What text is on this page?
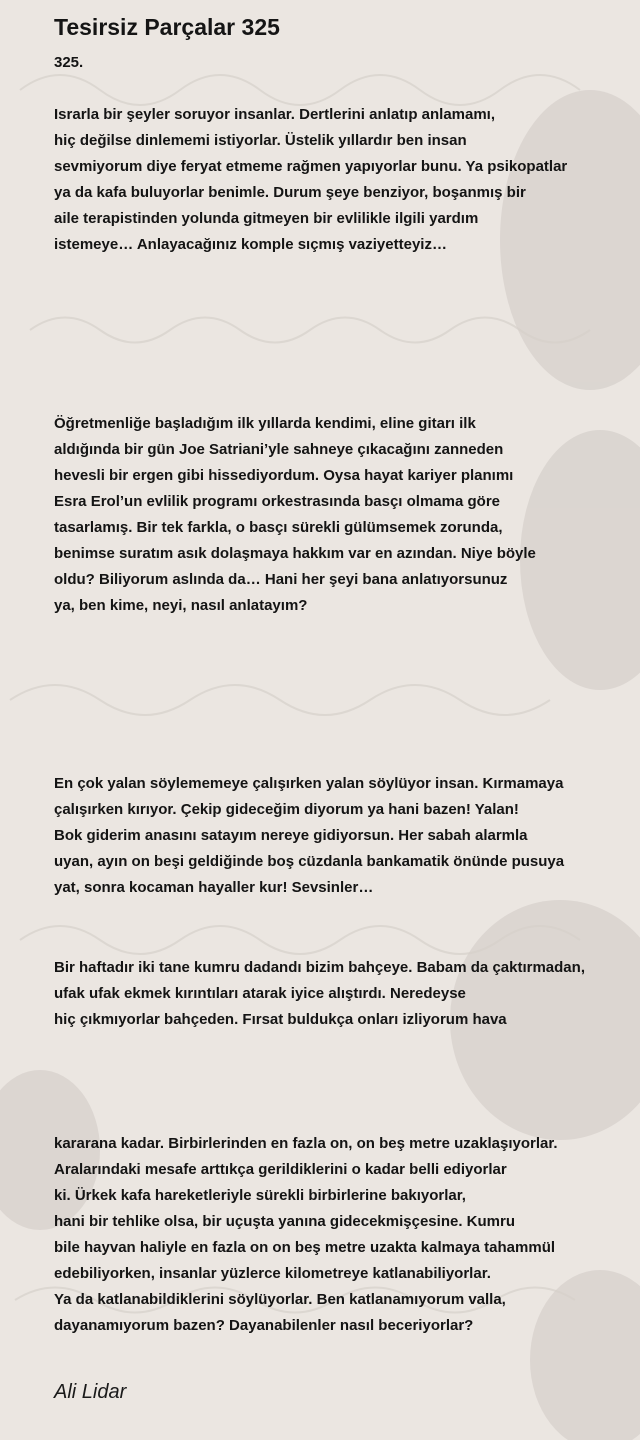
Tesirsiz Parçalar 325
325.
Israrla bir şeyler soruyor insanlar. Dertlerini anlatıp anlamamı,
hiç değilse dinlememi istiyorlar. Üstelik yıllardır ben insan
sevmiyorum diye feryat etmeme rağmen yapıyorlar bunu. Ya psikopatlar
ya da kafa buluyorlar benimle. Durum şeye benziyor, boşanmış bir
aile terapistinden yolunda gitmeyen bir evlilikle ilgili yardım
istemeye… Anlayacağınız komple sıçmış vaziyetteyiz…
Öğretmenliğe başladığım ilk yıllarda kendimi, eline gitarı ilk
aldığında bir gün Joe Satriani’yle sahneye çıkacağını zanneden
hevesli bir ergen gibi hissediyordum. Oysa hayat kariyer planımı
Esra Erol’un evlilik programı orkestrasında basçı olmama göre
tasarlamış. Bir tek farkla, o basçı sürekli gülümsemek zorunda,
benimse suratım asık dolaşmaya hakkım var en azından. Niye böyle
oldu? Biliyorum aslında da… Hani her şeyi bana anlatıyorsunuz
ya, ben kime, neyi, nasıl anlatayım?
En çok yalan söylememeye çalışırken yalan söylüyor insan. Kırmamaya
çalışırken kırıyor. Çekip gideceğim diyorum ya hani bazen! Yalan!
Bok giderim anasını satayım nereye gidiyorsun. Her sabah alarmla
uyan, ayın on beşi geldiğinde boş cüzdanla bankamatik önünde pusuya
yat, sonra kocaman hayaller kur! Sevsinler…
Bir haftadır iki tane kumru dadandı bizim bahçeye. Babam da çaktırmadan,
ufak ufak ekmek kırıntıları atarak iyice alıştırdı. Neredeyse
hiç çıkmıyorlar bahçeden. Fırsat buldukça onları izliyorum hava
kararana kadar. Birbirlerinden en fazla on, on beş metre uzaklaşıyorlar.
Aralarındaki mesafe arttıkça gerildiklerini o kadar belli ediyorlar
ki. Ürkek kafa hareketleriyle sürekli birbirlerine bakıyorlar,
hani bir tehlike olsa, bir uçuşta yanına gidecekmişçesine. Kumru
bile hayvan haliyle en fazla on on beş metre uzakta kalmaya tahammül
edebiliyorken, insanlar yüzlerce kilometreye katlanabiliyorlar.
Ya da katlanabildiklerini söylüyorlar. Ben katlanamıyorum valla,
dayanamıyorum bazen? Dayanabilenler nasıl beceriyorlar?
Ali Lidar
